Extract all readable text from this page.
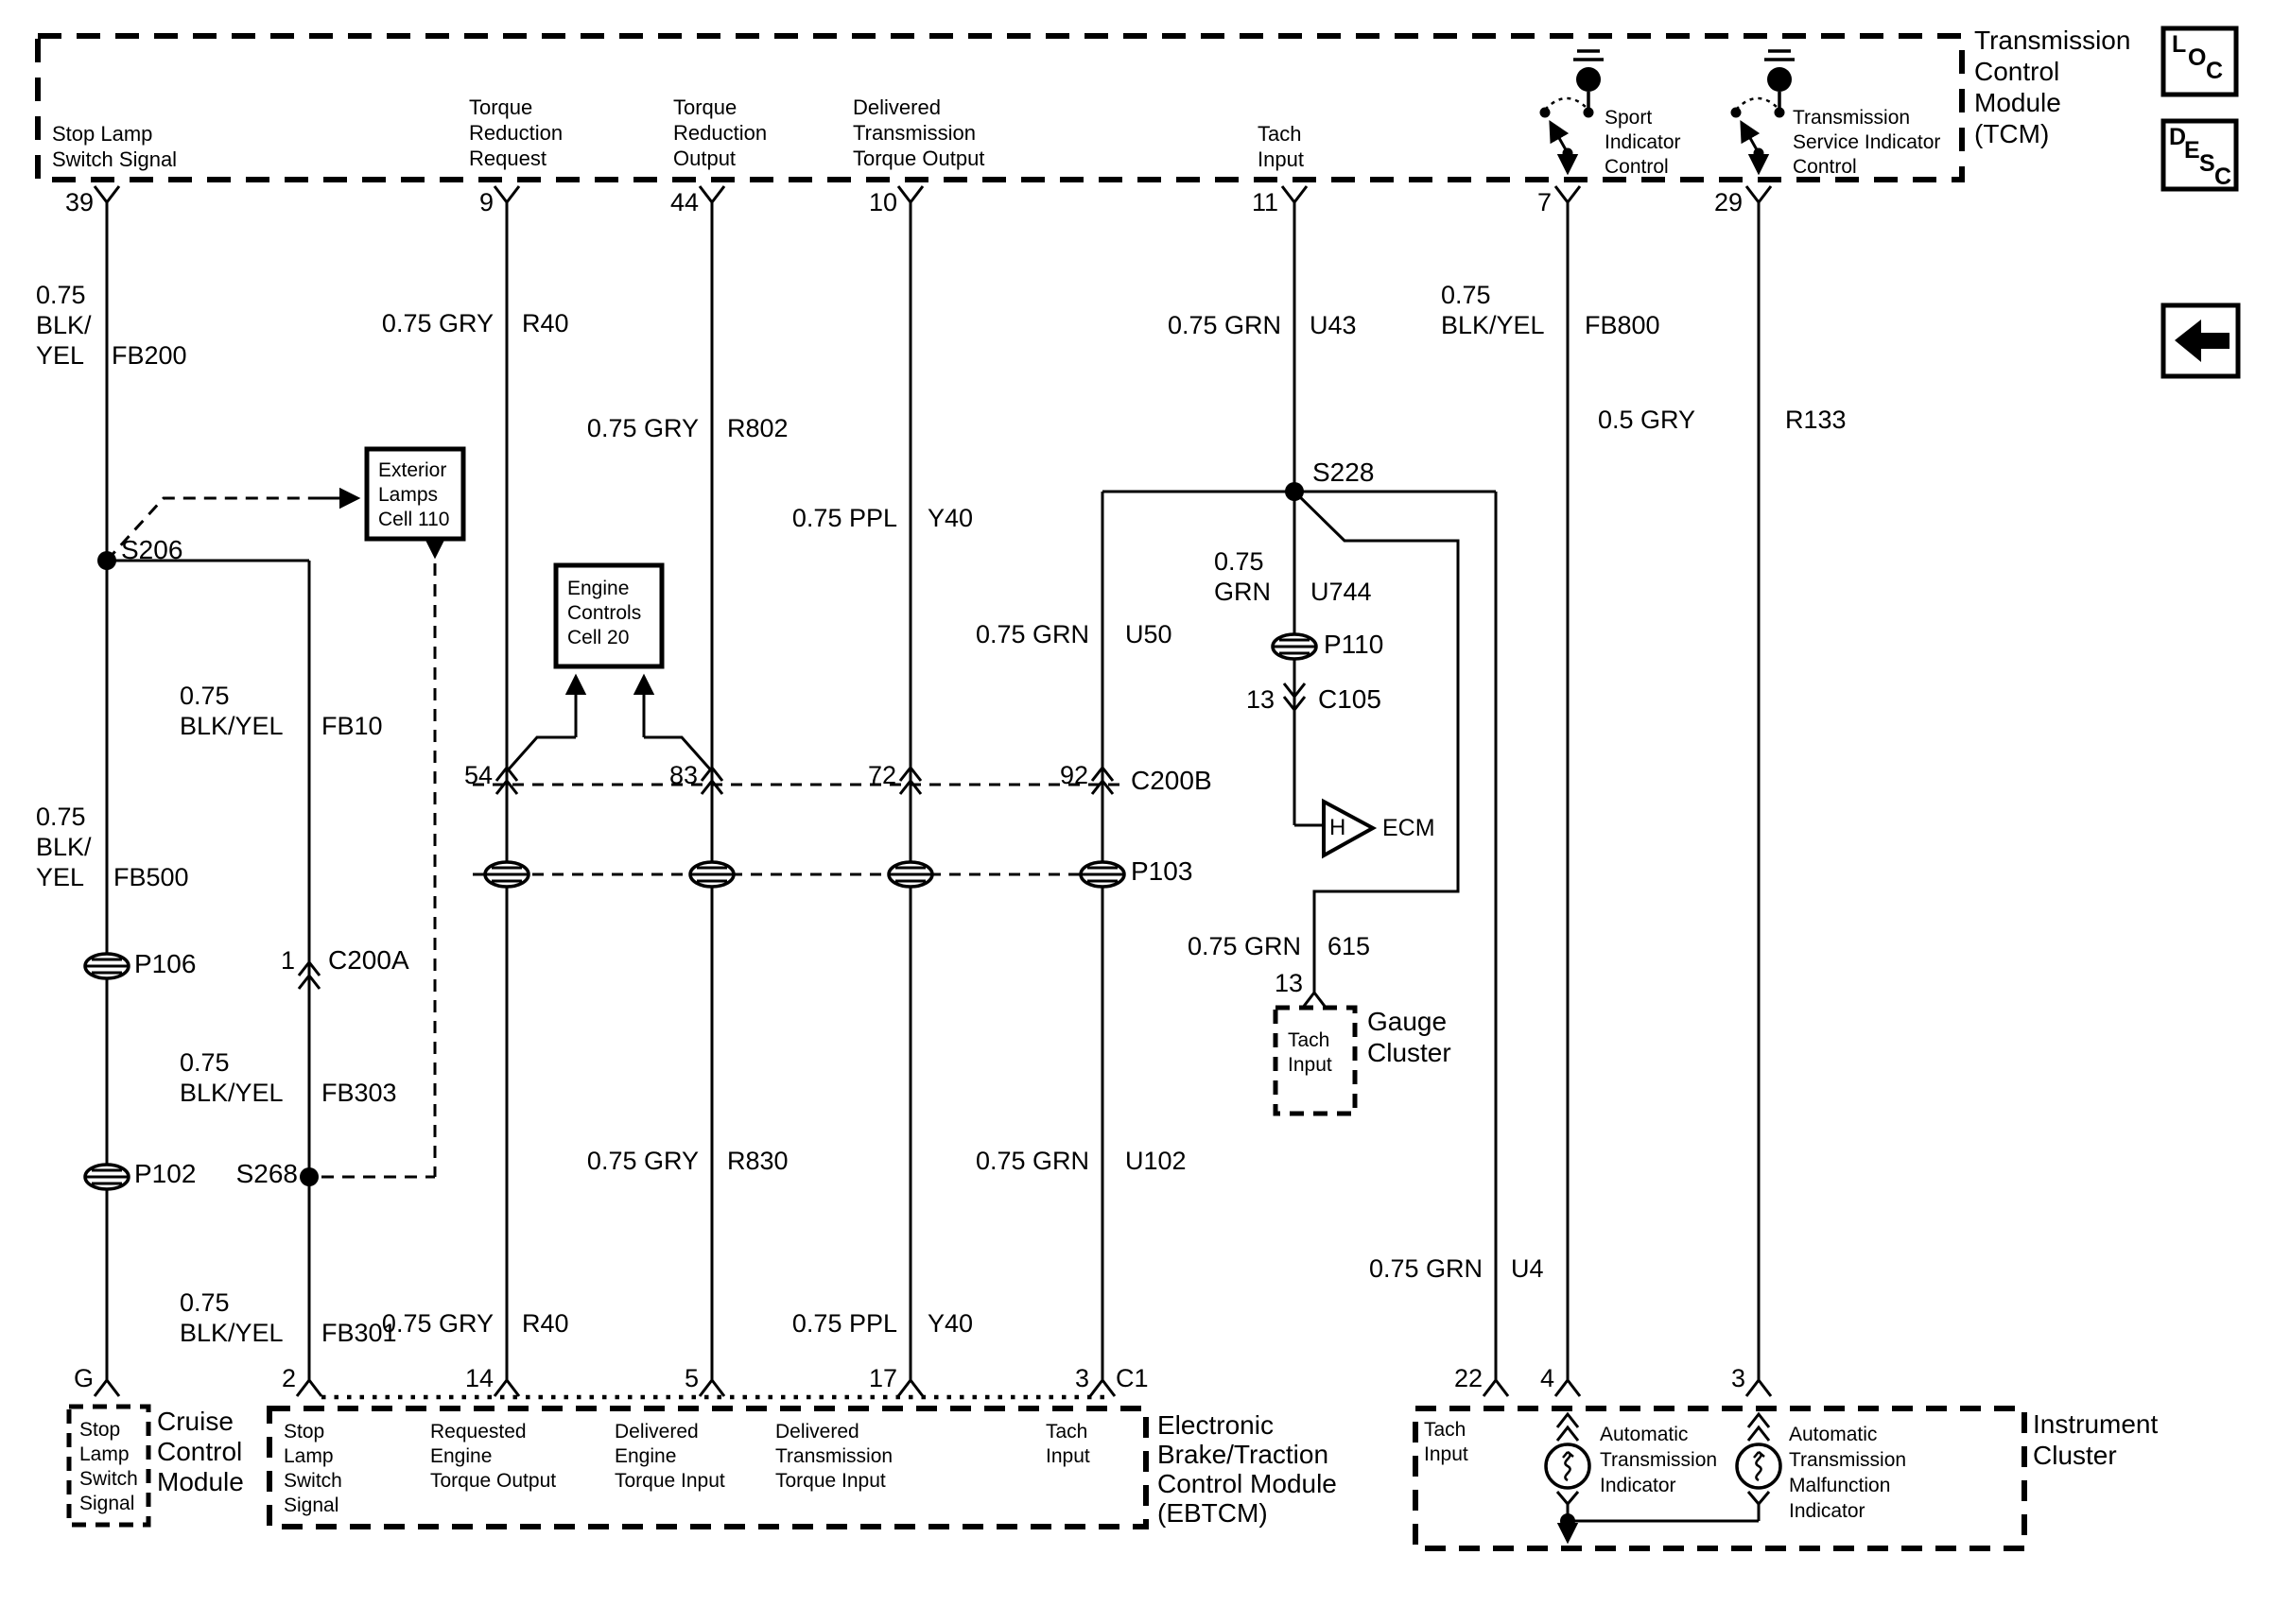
Stop Lamp
Switch Signal
Torque
Reduction
Request
Torque
Reduction
Output
Delivered
Transmission
Torque Output
Tach
Input
Sport
Indicator
Control
Transmission
Service Indicator
Control
Transmission
Control
Module
(TCM)
L O C
D
E S C
39	9	44	10	11	7	29
0.75
BLK/
YEL FB200
0.75 GRY R40
0.75 GRY R802
0.75 PPL Y40
0.75 GRN U43
0.75
BLK/YEL FB800
0.5 GRY	R133
0.75
BLK/YEL FB10
0.75
BLK/
YEL FB500
0.75
GRN U744
0.75 GRN U50
0.75 GRN 615
0.75
BLK/YEL FB303
0.75 GRY R830	0.75 GRN U102
0.75 GRY R40	0.75 PPL Y40
0.75
BLK/YEL FB301
0.75 GRN U4
S206
S228
S268
P106
P102
P110
P103
54	83	72	92 C200B
1 C200A
13 C105
H ECM
13
Tach
Input
Gauge
Cluster
G
Stop
Lamp
Switch
Signal
Cruise
Control
Module
2	14	5	17	3 C1
Stop
Lamp
Switch
Signal
Requested
Engine
Torque Output
Delivered
Engine
Torque Input
Delivered
Transmission
Torque Input
Tach
Input
Electronic
Brake/Traction
Control Module
(EBTCM)
22 4	3
Tach
Input
Automatic
Transmission
Indicator
Automatic
Transmission
Malfunction
Indicator
Instrument
Cluster
Exterior
Lamps
Cell 110
Engine
Controls
Cell 20
